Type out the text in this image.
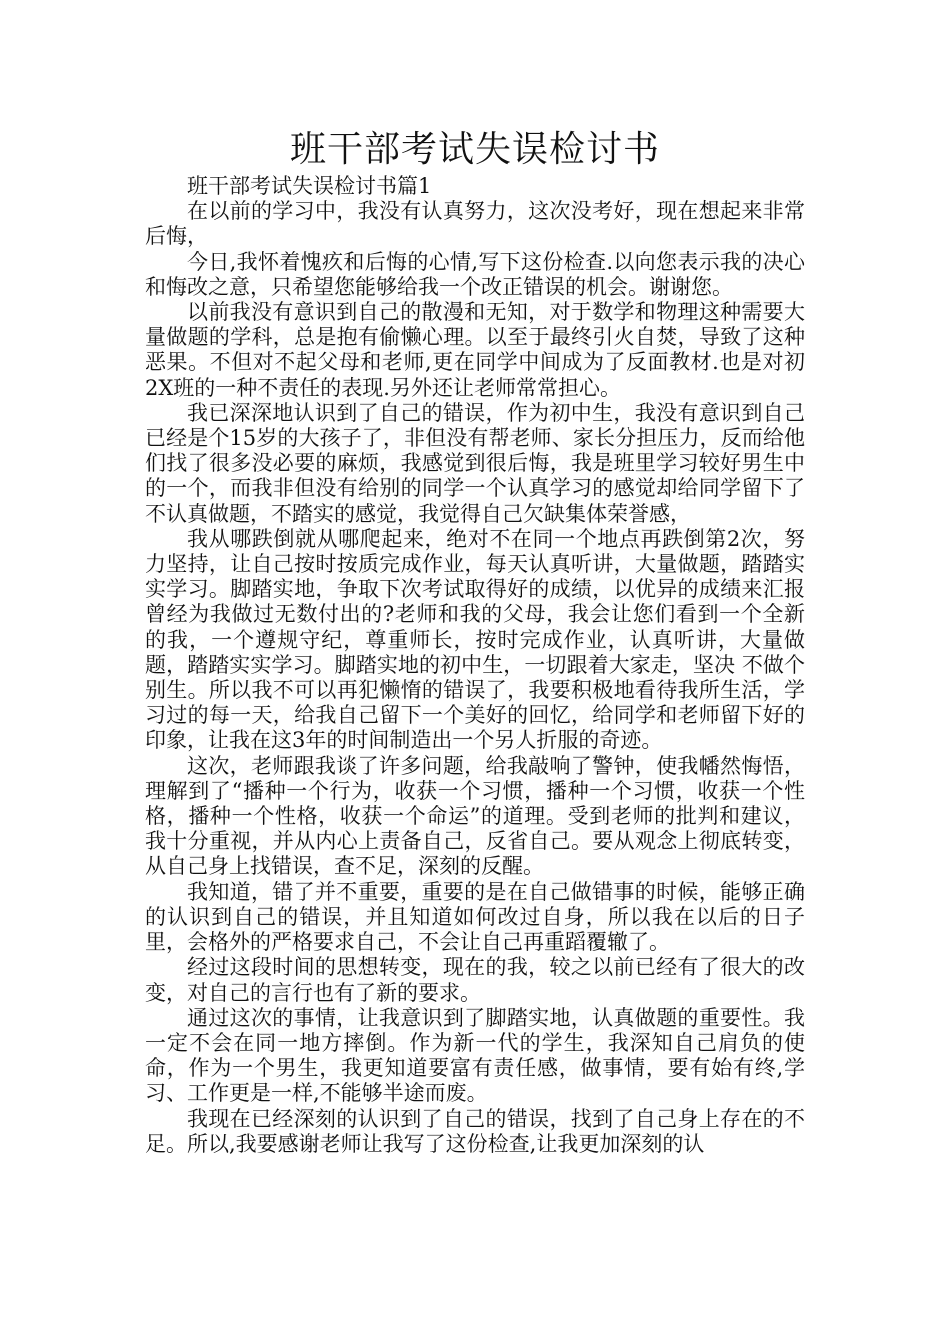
班干部考试失误检讨书

班干部考试失误检讨书篇1

在以前的学习中，我没有认真努力，这次没考好，现在想起来非常后悔，

今日,我怀着愧疚和后悔的心情,写下这份检查.以向您表示我的决心和悔改之意，只希望您能够给我一个改正错误的机会。谢谢您。

以前我没有意识到自己的散漫和无知，对于数学和物理这种需要大量做题的学科，总是抱有偷懒心理。以至于最终引火自焚，导致了这种恶果。不但对不起父母和老师,更在同学中间成为了反面教材.也是对初2X班的一种不责任的表现.另外还让老师常常担心。

我已深深地认识到了自己的错误，作为初中生，我没有意识到自己已经是个15岁的大孩子了，非但没有帮老师、家长分担压力，反而给他们找了很多没必要的麻烦，我感觉到很后悔，我是班里学习较好男生中的一个，而我非但没有给别的同学一个认真学习的感觉却给同学留下了不认真做题，不踏实的感觉，我觉得自己欠缺集体荣誉感，

我从哪跌倒就从哪爬起来，绝对不在同一个地点再跌倒第2次，努力坚持，让自己按时按质完成作业，每天认真听讲，大量做题，踏踏实实学习。脚踏实地，争取下次考试取得好的成绩，以优异的成绩来汇报曾经为我做过无数付出的?老师和我的父母，我会让您们看到一个全新的我，一个遵规守纪，尊重师长，按时完成作业，认真听讲，大量做题，踏踏实实学习。脚踏实地的初中生，一切跟着大家走，坚决 不做个别生。所以我不可以再犯懒惰的错误了，我要积极地看待我所生活，学习过的每一天，给我自己留下一个美好的回忆，给同学和老师留下好的印象，让我在这3年的时间制造出一个另人折服的奇迹。

这次，老师跟我谈了许多问题，给我敲响了警钟，使我幡然悔悟，理解到了“播种一个行为，收获一个习惯，播种一个习惯，收获一个性格，播种一个性格，收获一个命运”的道理。受到老师的批判和建议，我十分重视，并从内心上责备自己，反省自己。要从观念上彻底转变，从自己身上找错误，查不足，深刻的反醒。

我知道，错了并不重要，重要的是在自己做错事的时候，能够正确的认识到自己的错误，并且知道如何改过自身，所以我在以后的日子里，会格外的严格要求自己，不会让自己再重蹈覆辙了。

经过这段时间的思想转变，现在的我，较之以前已经有了很大的改变，对自己的言行也有了新的要求。

通过这次的事情，让我意识到了脚踏实地，认真做题的重要性。我一定不会在同一地方摔倒。作为新一代的学生，我深知自己肩负的使命，作为一个男生，我更知道要富有责任感，做事情，要有始有终,学习、工作更是一样,不能够半途而废。

我现在已经深刻的认识到了自己的错误，找到了自己身上存在的不足。所以,我要感谢老师让我写了这份检查,让我更加深刻的认
